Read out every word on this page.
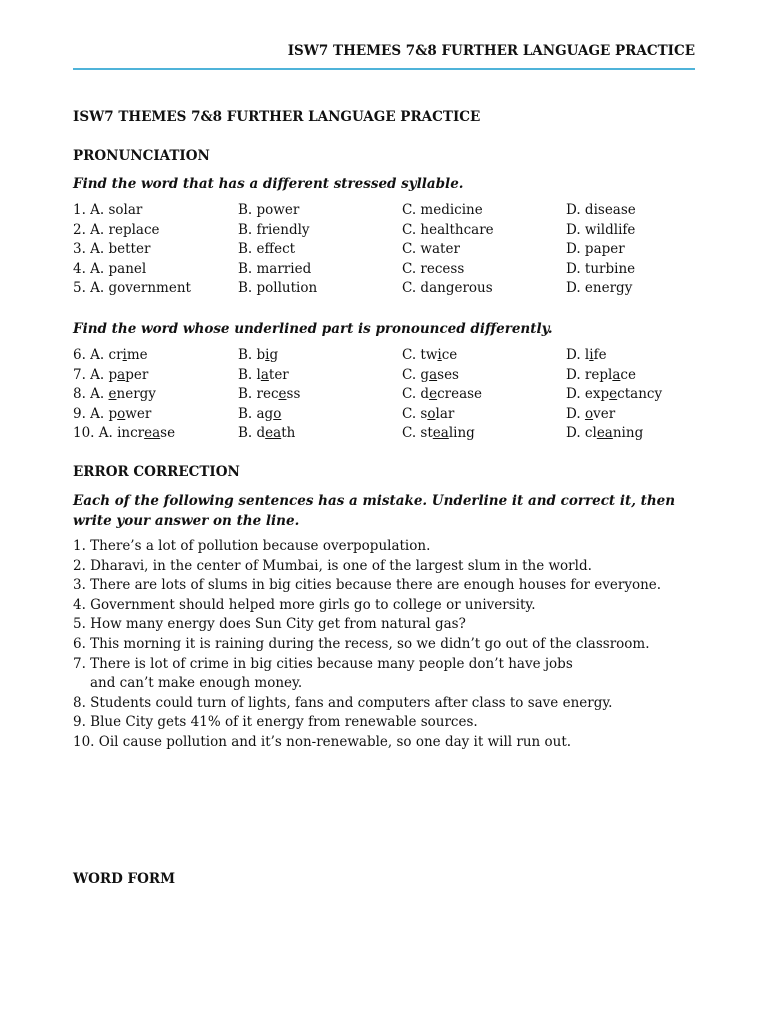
ISW7 THEMES 7&8 FURTHER LANGUAGE PRACTICE
ISW7 THEMES 7&8 FURTHER LANGUAGE PRACTICE
PRONUNCIATION
Find the word that has a different stressed syllable.
1. A. solar	B. power	C. medicine	D. disease
2. A. replace	B. friendly	C. healthcare	D. wildlife
3. A. better	B. effect	C. water	D. paper
4. A. panel	B. married	C. recess	D. turbine
5. A. government	B. pollution	C. dangerous	D. energy
Find the word whose underlined part is pronounced differently.
6. A. crime	B. big	C. twice	D. life
7. A. paper	B. later	C. gases	D. replace
8. A. energy	B. recess	C. decrease	D. expectancy
9. A. power	B. ago	C. solar	D. over
10. A. increase	B. death	C. stealing	D. cleaning
ERROR CORRECTION
Each of the following sentences has a mistake. Underline it and correct it, then write your answer on the line.
1. There’s a lot of pollution because overpopulation.
2. Dharavi, in the center of Mumbai, is one of the largest slum in the world.
3. There are lots of slums in big cities because there are enough houses for everyone.
4. Government should helped more girls go to college or university.
5. How many energy does Sun City get from natural gas?
6. This morning it is raining during the recess, so we didn’t go out of the classroom.
7. There is lot of crime in big cities because many people don’t have jobs
and can’t make enough money.
8. Students could turn of lights, fans and computers after class to save energy.
9. Blue City gets 41% of it energy from renewable sources.
10. Oil cause pollution and it’s non-renewable, so one day it will run out.
WORD FORM
